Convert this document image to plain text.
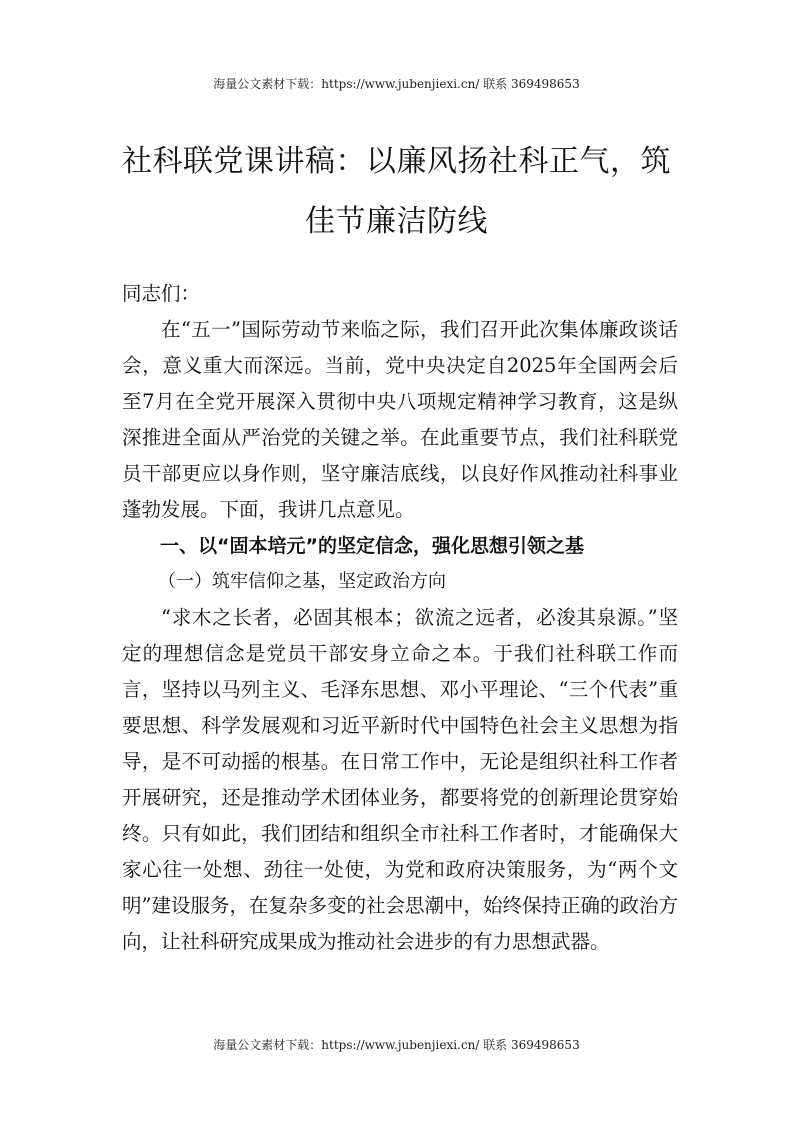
海量公文素材下载：https://www.jubenjiexi.cn/ 联系 369498653
社科联党课讲稿：以廉风扬社科正气，筑佳节廉洁防线

同志们：

在“五一”国际劳动节来临之际，我们召开此次集体廉政谈话会，意义重大而深远。当前，党中央决定自2025年全国两会后至7月在全党开展深入贯彻中央八项规定精神学习教育，这是纵深推进全面从严治党的关键之举。在此重要节点，我们社科联党员干部更应以身作则，坚守廉洁底线，以良好作风推动社科事业蓬勃发展。下面，我讲几点意见。

一、以“固本培元”的坚定信念，强化思想引领之基

（一）筑牢信仰之基，坚定政治方向

“求木之长者，必固其根本；欲流之远者，必浚其泉源。”坚定的理想信念是党员干部安身立命之本。于我们社科联工作而言，坚持以马列主义、毛泽东思想、邓小平理论、“三个代表”重要思想、科学发展观和习近平新时代中国特色社会主义思想为指导，是不可动摇的根基。在日常工作中，无论是组织社科工作者开展研究，还是推动学术团体业务，都要将党的创新理论贯穿始终。只有如此，我们团结和组织全市社科工作者时，才能确保大家心往一处想、劲往一处使，为党和政府决策服务，为“两个文明”建设服务，在复杂多变的社会思潮中，始终保持正确的政治方向，让社科研究成果成为推动社会进步的有力思想武器。

海量公文素材下载：https://www.jubenjiexi.cn/ 联系 369498653
